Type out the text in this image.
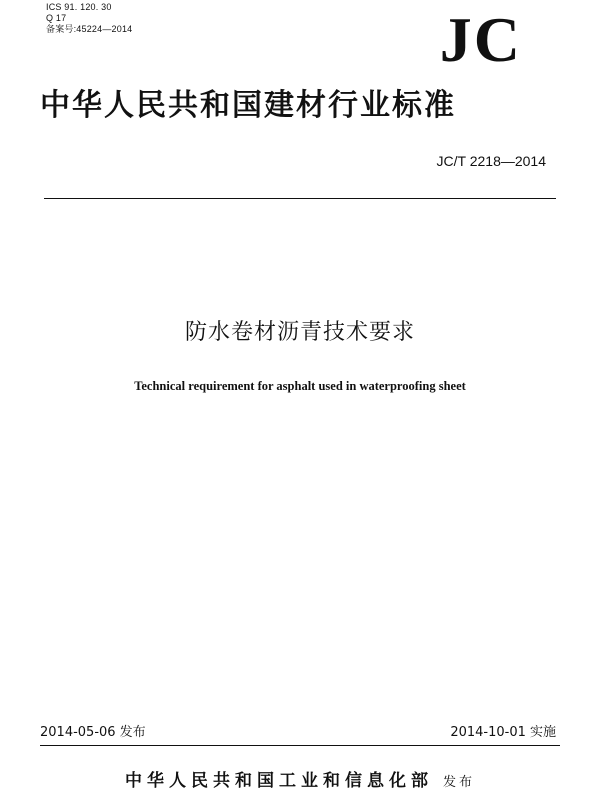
ICS 91. 120. 30
Q 17
备案号:45224—2014	JC
中华人民共和国建材行业标准
JC/T 2218—2014
防水卷材沥青技术要求
Technical requirement for asphalt used in waterproofing sheet
2014-05-06 发布	2014-10-01 实施
中华人民共和国工业和信息化部 发布
